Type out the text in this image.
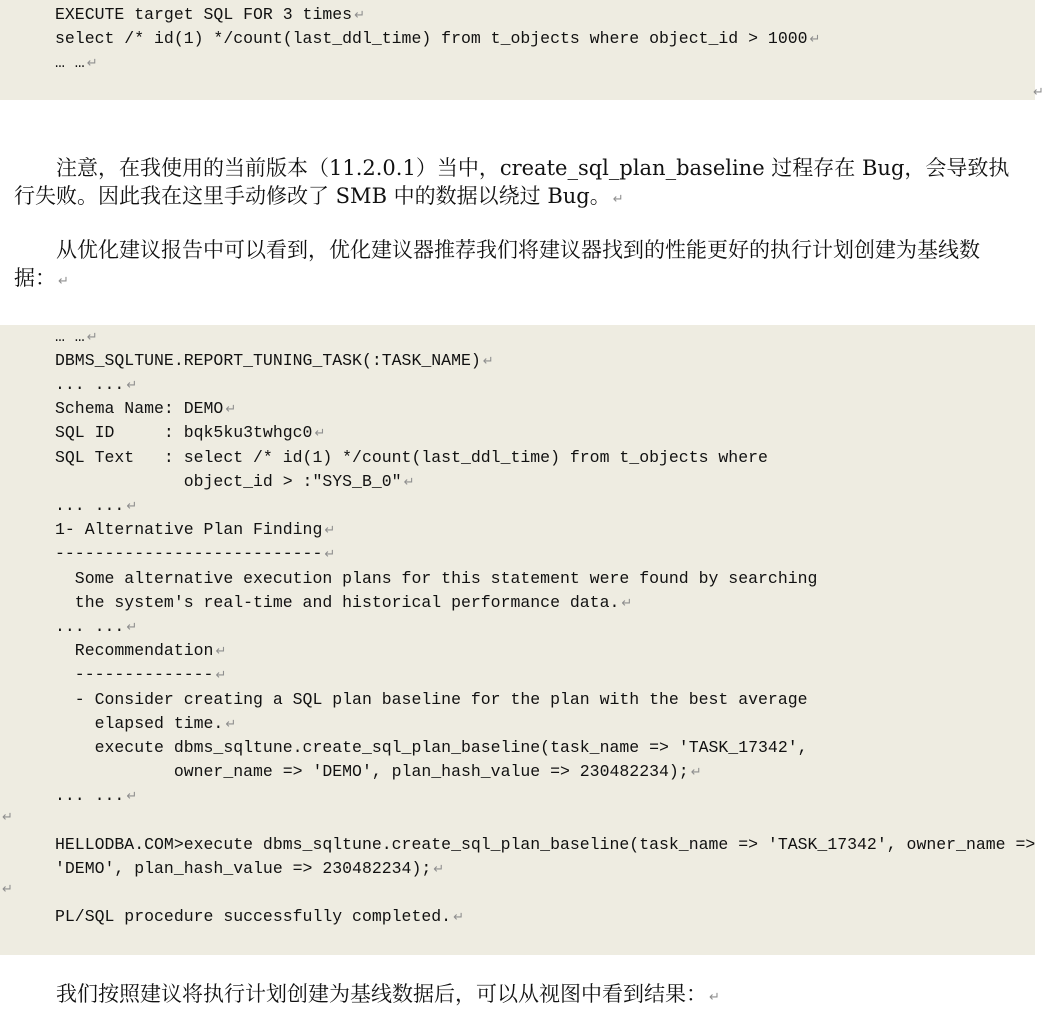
EXECUTE target SQL FOR 3 times ↵
select /* id(1) */count(last_ddl_time) from t_objects where object_id > 1000 ↵
… … ↵
↵
注意，在我使用的当前版本（11.2.0.1）当中，create_sql_plan_baseline 过程存在 Bug，会导致执行失败。因此我在这里手动修改了 SMB 中的数据以绕过 Bug。 ↵
从优化建议报告中可以看到，优化建议器推荐我们将建议器找到的性能更好的执行计划创建为基线数据： ↵
… … ↵
DBMS_SQLTUNE.REPORT_TUNING_TASK(:TASK_NAME) ↵
... ... ↵
Schema Name: DEMO ↵
SQL ID     : bqk5ku3twhgc0 ↵
SQL Text   : select /* id(1) */count(last_ddl_time) from t_objects where
object_id > :"SYS_B_0" ↵
... ... ↵
1- Alternative Plan Finding ↵
--------------------------- ↵
Some alternative execution plans for this statement were found by searching
the system's real-time and historical performance data. ↵
... ... ↵
Recommendation ↵
-------------- ↵
- Consider creating a SQL plan baseline for the plan with the best average
elapsed time. ↵
execute dbms_sqltune.create_sql_plan_baseline(task_name => 'TASK_17342',
owner_name => 'DEMO', plan_hash_value => 230482234); ↵
... ... ↵
HELLODBA.COM>execute dbms_sqltune.create_sql_plan_baseline(task_name => 'TASK_17342', owner_name =>
'DEMO', plan_hash_value => 230482234); ↵
PL/SQL procedure successfully completed. ↵
↵
↵
我们按照建议将执行计划创建为基线数据后，可以从视图中看到结果： ↵
